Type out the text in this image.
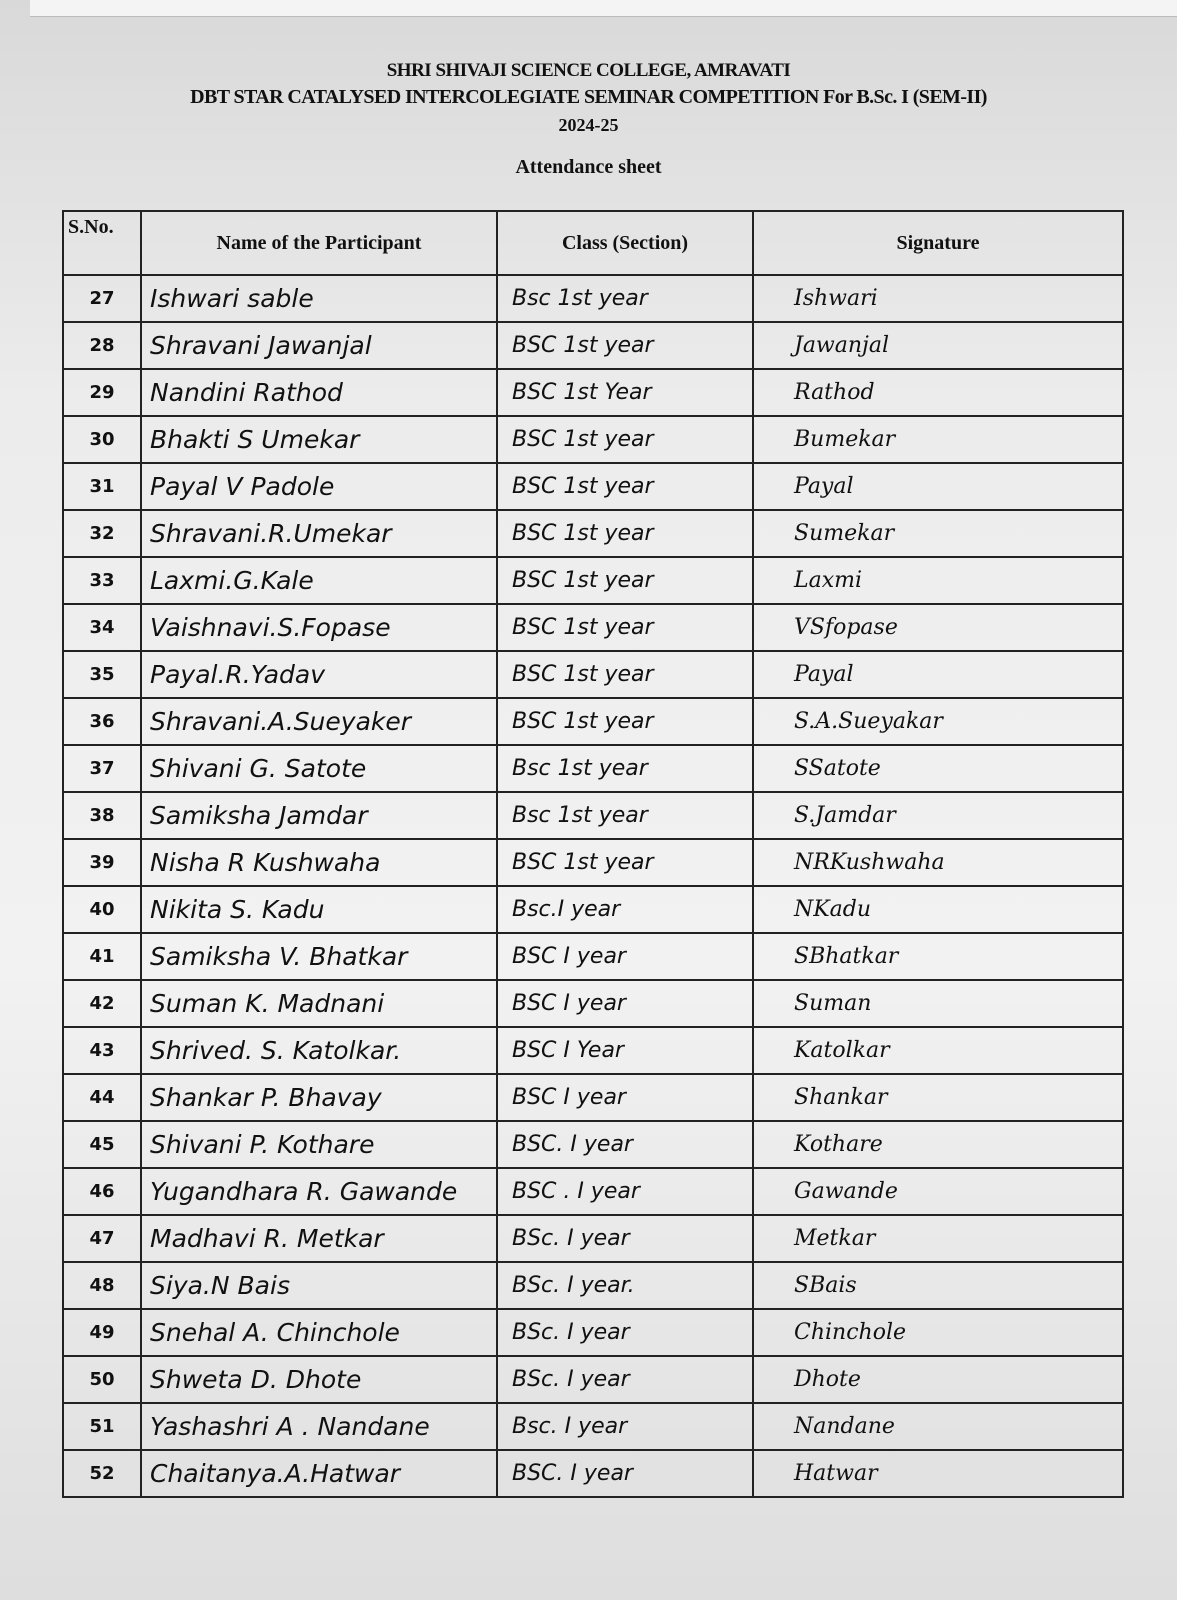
SHRI SHIVAJI SCIENCE COLLEGE, AMRAVATI
DBT STAR CATALYSED INTERCOLEGIATE SEMINAR COMPETITION For B.Sc. I (SEM-II)
2024-25
Attendance sheet
S.No.	Name of the Participant	Class (Section)	Signature
27	Ishwari sable	Bsc 1st year	Ishwari
28	Shravani Jawanjal	BSC 1st year	Jawanjal
29	Nandini Rathod	BSC 1st Year	Rathod
30	Bhakti S Umekar	BSC 1st year	Bumekar
31	Payal V Padole	BSC 1st year	Payal
32	Shravani.R.Umekar	BSC 1st year	Sumekar
33	Laxmi.G.Kale	BSC 1st year	Laxmi
34	Vaishnavi.S.Fopase	BSC 1st year	VSfopase
35	Payal.R.Yadav	BSC 1st year	Payal
36	Shravani.A.Sueyaker	BSC 1st year	S.A.Sueyakar
37	Shivani G. Satote	Bsc 1st year	SSatote
38	Samiksha Jamdar	Bsc 1st year	S.Jamdar
39	Nisha R Kushwaha	BSC 1st year	NRKushwaha
40	Nikita S. Kadu	Bsc.I year	NKadu
41	Samiksha V. Bhatkar	BSC I year	SBhatkar
42	Suman K. Madnani	BSC I year	Suman
43	Shrived. S. Katolkar.	BSC I Year	Katolkar
44	Shankar P. Bhavay	BSC I year	Shankar
45	Shivani P. Kothare	BSC. I year	Kothare
46	Yugandhara R. Gawande	BSC . I year	Gawande
47	Madhavi R. Metkar	BSc. I year	Metkar
48	Siya.N Bais	BSc. I year.	SBais
49	Snehal A. Chinchole	BSc. I year	Chinchole
50	Shweta D. Dhote	BSc. I year	Dhote
51	Yashashri A . Nandane	Bsc. I year	Nandane
52	Chaitanya.A.Hatwar	BSC. I year	Hatwar
